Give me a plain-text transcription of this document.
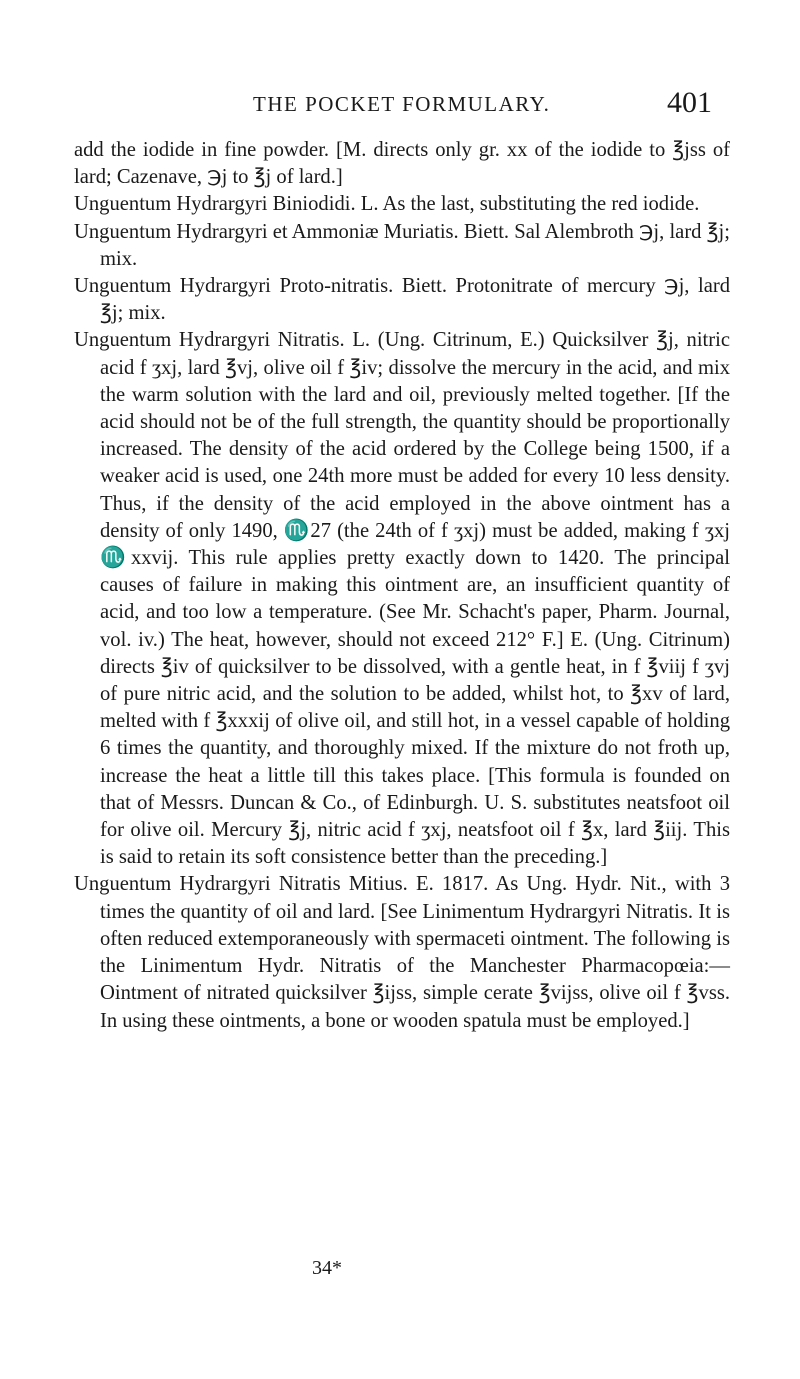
THE POCKET FORMULARY.	401

add the iodide in fine powder. [M. directs only gr. xx of the iodide to ℥jss of lard; Cazenave, ℈j to ℥j of lard.]

Unguentum Hydrargyri Biniodidi. L. As the last, substituting the red iodide.

Unguentum Hydrargyri et Ammoniæ Muriatis. Biett. Sal Alembroth ℈j, lard ℥j; mix.

Unguentum Hydrargyri Proto-nitratis. Biett. Protonitrate of mercury ℈j, lard ℥j; mix.

Unguentum Hydrargyri Nitratis. L. (Ung. Citrinum, E.) Quicksilver ℥j, nitric acid f ʒxj, lard ℥vj, olive oil f ℥iv; dissolve the mercury in the acid, and mix the warm solution with the lard and oil, previously melted together. [If the acid should not be of the full strength, the quantity should be proportionally increased. The density of the acid ordered by the College being 1500, if a weaker acid is used, one 24th more must be added for every 10 less density. Thus, if the density of the acid employed in the above ointment has a density of only 1490, ♏27 (the 24th of f ʒxj) must be added, making f ʒxj ♏xxvij. This rule applies pretty exactly down to 1420. The principal causes of failure in making this ointment are, an insufficient quantity of acid, and too low a temperature. (See Mr. Schacht's paper, Pharm. Journal, vol. iv.) The heat, however, should not exceed 212° F.] E. (Ung. Citrinum) directs ℥iv of quicksilver to be dissolved, with a gentle heat, in f ℥viij f ʒvj of pure nitric acid, and the solution to be added, whilst hot, to ℥xv of lard, melted with f ℥xxxij of olive oil, and still hot, in a vessel capable of holding 6 times the quantity, and thoroughly mixed. If the mixture do not froth up, increase the heat a little till this takes place. [This formula is founded on that of Messrs. Duncan & Co., of Edinburgh. U. S. substitutes neatsfoot oil for olive oil. Mercury ℥j, nitric acid f ʒxj, neatsfoot oil f ℥x, lard ℥iij. This is said to retain its soft consistence better than the preceding.]

Unguentum Hydrargyri Nitratis Mitius. E. 1817. As Ung. Hydr. Nit., with 3 times the quantity of oil and lard. [See Linimentum Hydrargyri Nitratis. It is often reduced extemporaneously with spermaceti ointment. The following is the Linimentum Hydr. Nitratis of the Manchester Pharmacopœia:—Ointment of nitrated quicksilver ℥ijss, simple cerate ℥vijss, olive oil f ℥vss. In using these ointments, a bone or wooden spatula must be employed.]

34*
